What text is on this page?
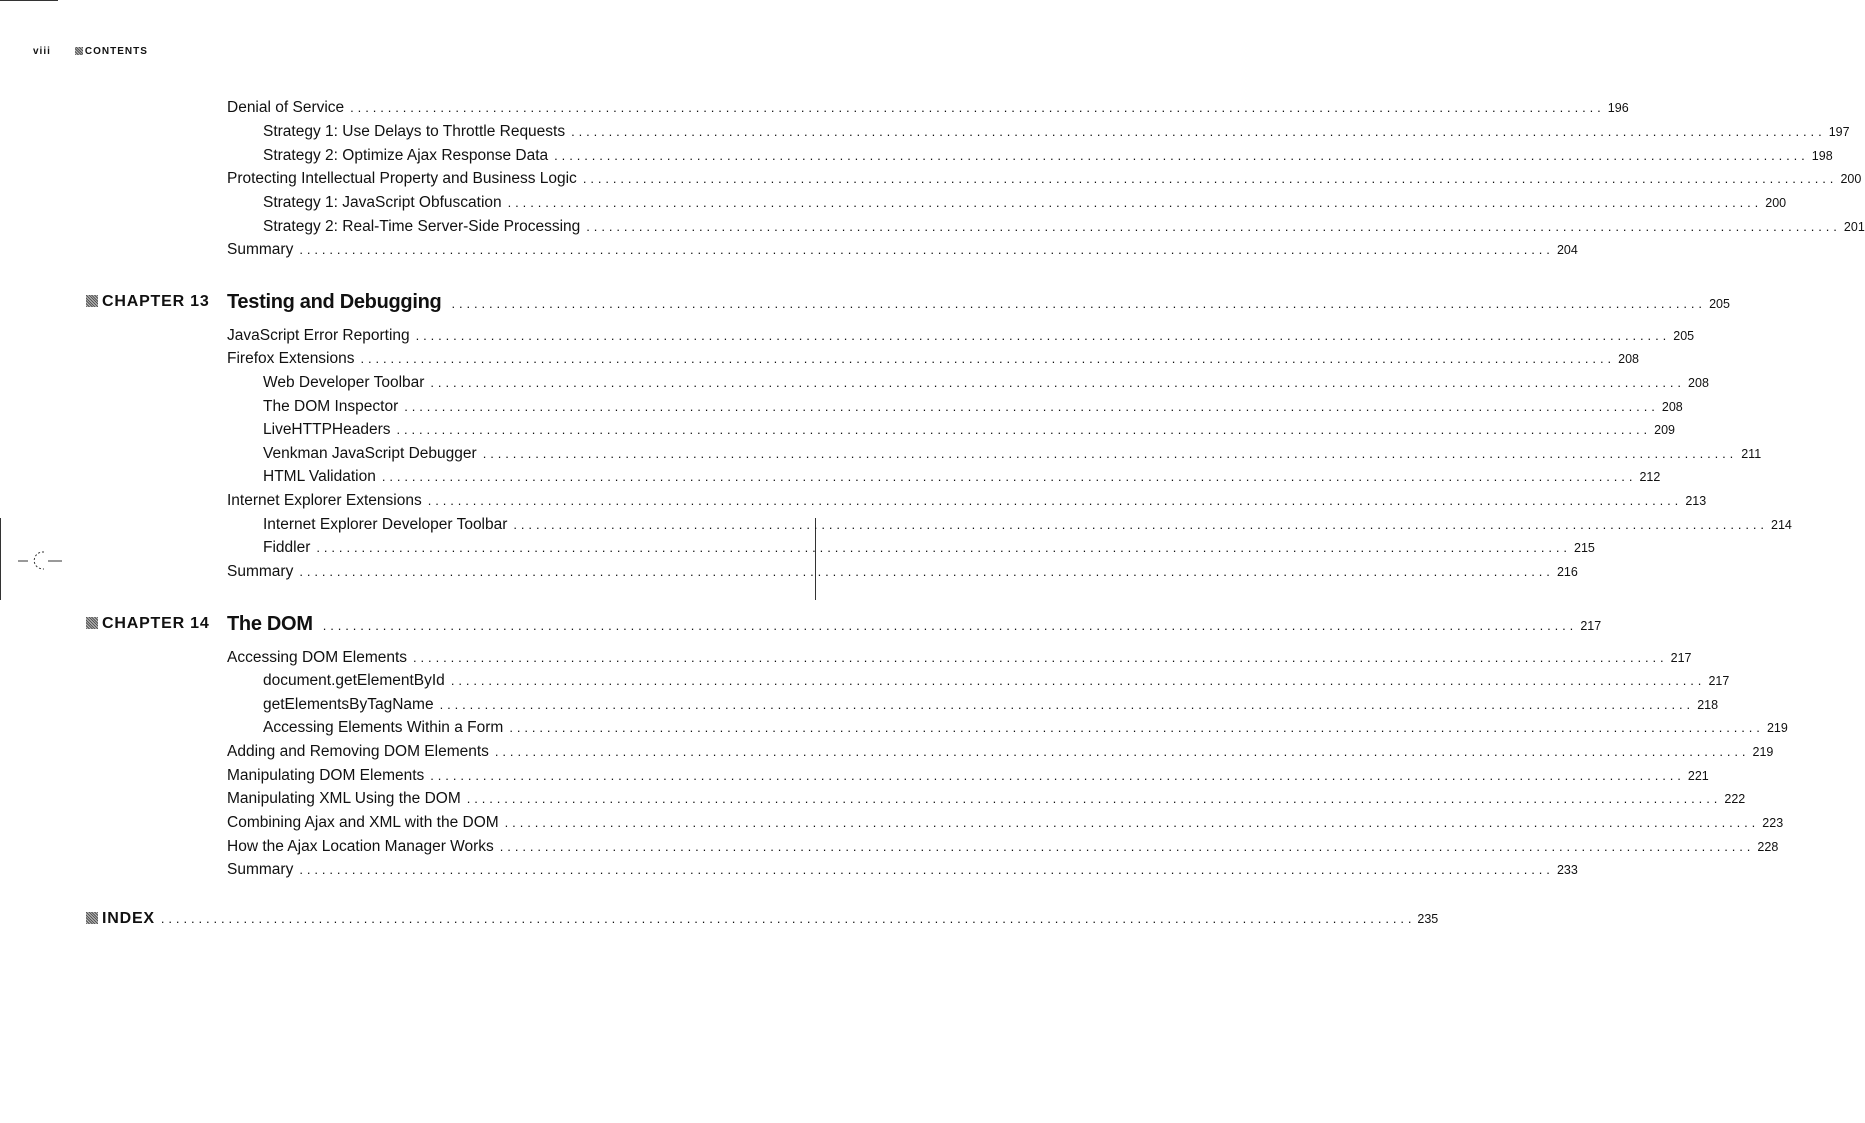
viii	CONTENTS
Denial of Service ....................................................................................................................................................................... 196
Strategy 1: Use Delays to Throttle Requests ....................................................................................................................................................................... 197
Strategy 2: Optimize Ajax Response Data ....................................................................................................................................................................... 198
Protecting Intellectual Property and Business Logic ....................................................................................................................................................................... 200
Strategy 1: JavaScript Obfuscation ....................................................................................................................................................................... 200
Strategy 2: Real-Time Server-Side Processing ....................................................................................................................................................................... 201
Summary ....................................................................................................................................................................... 204
CHAPTER 13 Testing and Debugging ....................................................................................................................................................................... 205
JavaScript Error Reporting ....................................................................................................................................................................... 205
Firefox Extensions ....................................................................................................................................................................... 208
Web Developer Toolbar ....................................................................................................................................................................... 208
The DOM Inspector ....................................................................................................................................................................... 208
LiveHTTPHeaders ....................................................................................................................................................................... 209
Venkman JavaScript Debugger ....................................................................................................................................................................... 211
HTML Validation ....................................................................................................................................................................... 212
Internet Explorer Extensions ....................................................................................................................................................................... 213
Internet Explorer Developer Toolbar ....................................................................................................................................................................... 214
Fiddler ....................................................................................................................................................................... 215
Summary ....................................................................................................................................................................... 216
CHAPTER 14 The DOM ....................................................................................................................................................................... 217
Accessing DOM Elements ....................................................................................................................................................................... 217
document.getElementById ....................................................................................................................................................................... 217
getElementsByTagName ....................................................................................................................................................................... 218
Accessing Elements Within a Form ....................................................................................................................................................................... 219
Adding and Removing DOM Elements ....................................................................................................................................................................... 219
Manipulating DOM Elements ....................................................................................................................................................................... 221
Manipulating XML Using the DOM ....................................................................................................................................................................... 222
Combining Ajax and XML with the DOM ....................................................................................................................................................................... 223
How the Ajax Location Manager Works ....................................................................................................................................................................... 228
Summary ....................................................................................................................................................................... 233
INDEX ....................................................................................................................................................................... 235
